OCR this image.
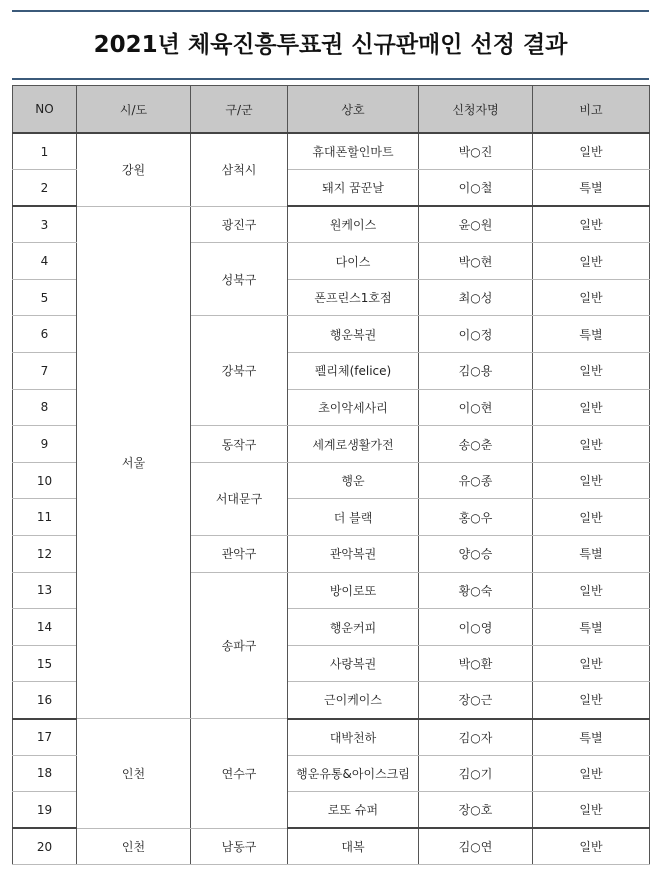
2021년 체육진흥투표권 신규판매인 선정 결과
NO	시/도	구/군	상호	신청자명	비고
1	강원	삼척시	휴대폰할인마트	박○진	일반
2			돼지 꿈꾼날	이○철	특별
3	서울	광진구	원케이스	윤○원	일반
4		성북구	다이스	박○현	일반
5			폰프린스1호점	최○성	일반
6		강북구	행운복권	이○정	특별
7			펠리체(felice)	김○용	일반
8			초이악세사리	이○현	일반
9		동작구	세계로생활가전	송○춘	일반
10		서대문구	행운	유○종	일반
11			더 블랙	홍○우	일반
12		관악구	관악복권	양○승	특별
13		송파구	방이로또	황○숙	일반
14			행운커피	이○영	특별
15			사랑복권	박○환	일반
16			근이케이스	장○근	일반
17	인천	연수구	대박천하	김○자	특별
18			행운유통&아이스크림	김○기	일반
19			로또 슈퍼	장○호	일반
20	인천	남동구	대복	김○연	일반
